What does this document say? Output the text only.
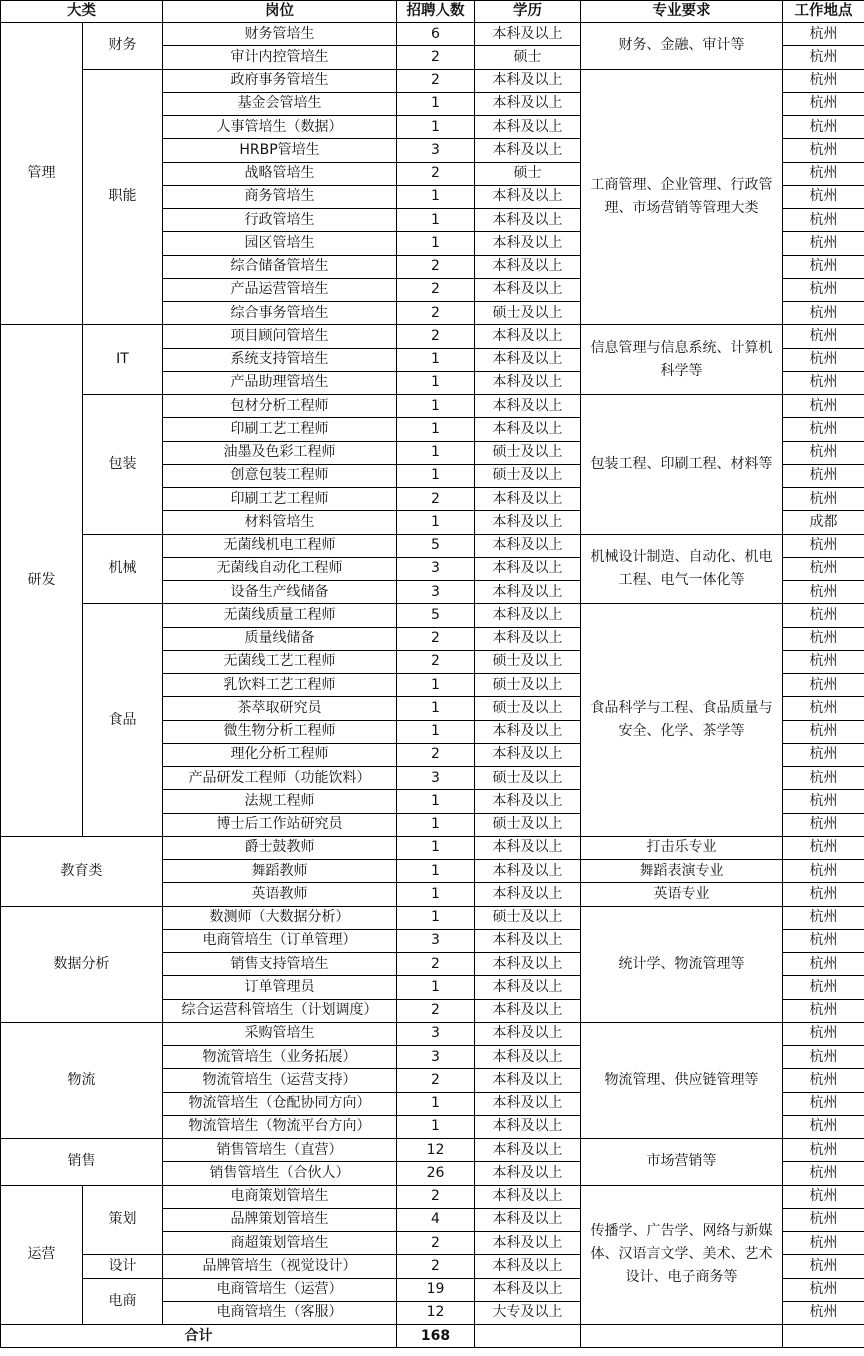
大类		岗位	招聘人数	学历	专业要求	工作地点
管理	财务	财务管培生	6	本科及以上	财务、金融、审计等	杭州
		审计内控管培生	2	硕士		杭州
	职能	政府事务管培生	2	本科及以上	工商管理、企业管理、行政管理、市场营销等管理大类	杭州
		基金会管培生	1	本科及以上		杭州
		人事管培生（数据）	1	本科及以上		杭州
		HRBP管培生	3	本科及以上		杭州
		战略管培生	2	硕士		杭州
		商务管培生	1	本科及以上		杭州
		行政管培生	1	本科及以上		杭州
		园区管培生	1	本科及以上		杭州
		综合储备管培生	2	本科及以上		杭州
		产品运营管培生	2	本科及以上		杭州
		综合事务管培生	2	硕士及以上		杭州
研发	IT	项目顾问管培生	2	本科及以上	信息管理与信息系统、计算机科学等	杭州
		系统支持管培生	1	本科及以上		杭州
		产品助理管培生	1	本科及以上		杭州
	包装	包材分析工程师	1	本科及以上	包装工程、印刷工程、材料等	杭州
		印刷工艺工程师	1	本科及以上		杭州
		油墨及色彩工程师	1	硕士及以上		杭州
		创意包装工程师	1	硕士及以上		杭州
		印刷工艺工程师	2	本科及以上		杭州
		材料管培生	1	本科及以上		成都
	机械	无菌线机电工程师	5	本科及以上	机械设计制造、自动化、机电工程、电气一体化等	杭州
		无菌线自动化工程师	3	本科及以上		杭州
		设备生产线储备	3	本科及以上		杭州
	食品	无菌线质量工程师	5	本科及以上	食品科学与工程、食品质量与安全、化学、茶学等	杭州
		质量线储备	2	本科及以上		杭州
		无菌线工艺工程师	2	硕士及以上		杭州
		乳饮料工艺工程师	1	硕士及以上		杭州
		茶萃取研究员	1	硕士及以上		杭州
		微生物分析工程师	1	本科及以上		杭州
		理化分析工程师	2	本科及以上		杭州
		产品研发工程师（功能饮料）	3	硕士及以上		杭州
		法规工程师	1	本科及以上		杭州
		博士后工作站研究员	1	硕士及以上		杭州
教育类		爵士鼓教师	1	本科及以上	打击乐专业	杭州
		舞蹈教师	1	本科及以上	舞蹈表演专业	杭州
		英语教师	1	本科及以上	英语专业	杭州
数据分析		数测师（大数据分析）	1	硕士及以上	统计学、物流管理等	杭州
		电商管培生（订单管理）	3	本科及以上		杭州
		销售支持管培生	2	本科及以上		杭州
		订单管理员	1	本科及以上		杭州
		综合运营科管培生（计划调度）	2	本科及以上		杭州
物流		采购管培生	3	本科及以上	物流管理、供应链管理等	杭州
		物流管培生（业务拓展）	3	本科及以上		杭州
		物流管培生（运营支持）	2	本科及以上		杭州
		物流管培生（仓配协同方向）	1	本科及以上		杭州
		物流管培生（物流平台方向）	1	本科及以上		杭州
销售		销售管培生（直营）	12	本科及以上	市场营销等	杭州
		销售管培生（合伙人）	26	本科及以上		杭州
运营	策划	电商策划管培生	2	本科及以上	传播学、广告学、网络与新媒体、汉语言文学、美术、艺术设计、电子商务等	杭州
		品牌策划管培生	4	本科及以上		杭州
		商超策划管培生	2	本科及以上		杭州
	设计	品牌管培生（视觉设计）	2	本科及以上		杭州
	电商	电商管培生（运营）	19	本科及以上		杭州
		电商管培生（客服）	12	大专及以上		杭州
合计			168			
